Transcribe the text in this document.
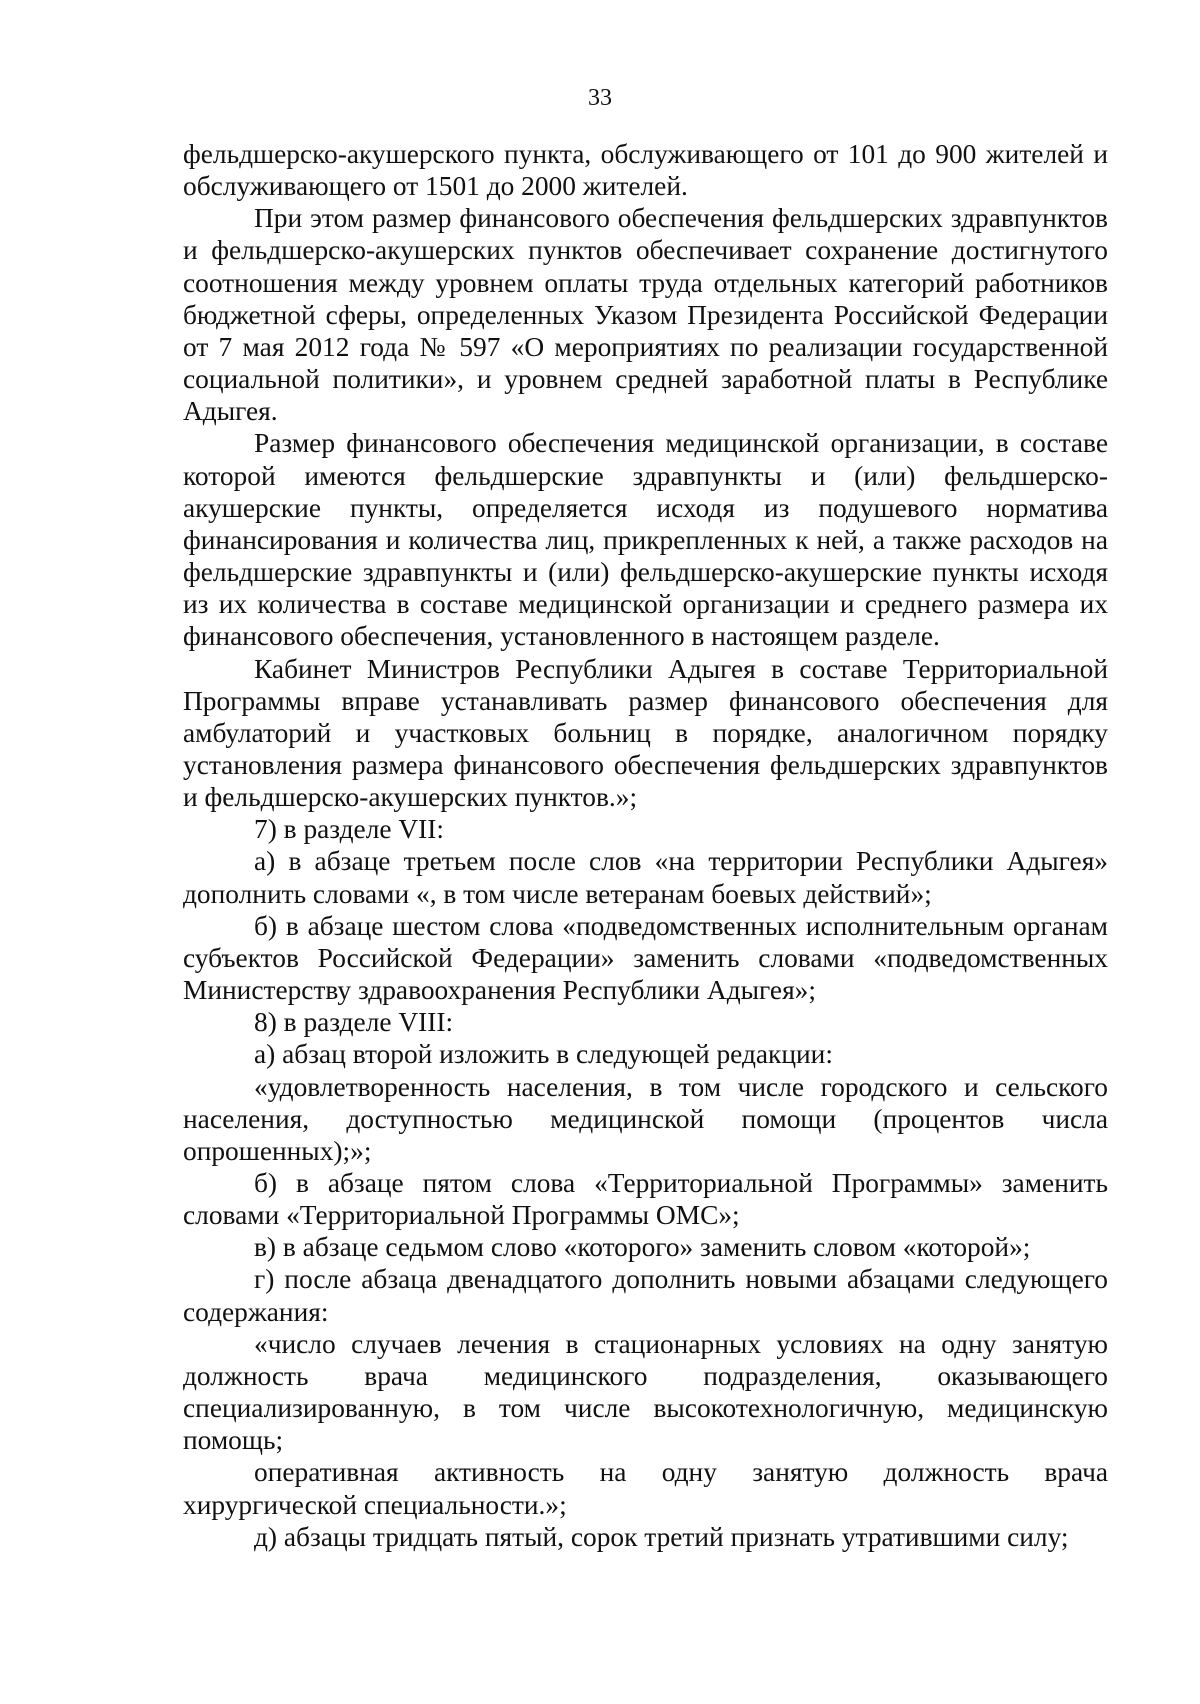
33

фельдшерско-акушерского пункта, обслуживающего от 101 до 900 жителей и обслуживающего от 1501 до 2000 жителей.

При этом размер финансового обеспечения фельдшерских здравпунктов и фельдшерско-акушерских пунктов обеспечивает сохранение достигнутого соотношения между уровнем оплаты труда отдельных категорий работников бюджетной сферы, определенных Указом Президента Российской Федерации от 7 мая 2012 года № 597 «О мероприятиях по реализации государственной социальной политики», и уровнем средней заработной платы в Республике Адыгея.

Размер финансового обеспечения медицинской организации, в составе которой имеются фельдшерские здравпункты и (или) фельдшерско-акушерские пункты, определяется исходя из подушевого норматива финансирования и количества лиц, прикрепленных к ней, а также расходов на фельдшерские здравпункты и (или) фельдшерско-акушерские пункты исходя из их количества в составе медицинской организации и среднего размера их финансового обеспечения, установленного в настоящем разделе.

Кабинет Министров Республики Адыгея в составе Территориальной Программы вправе устанавливать размер финансового обеспечения для амбулаторий и участковых больниц в порядке, аналогичном порядку установления размера финансового обеспечения фельдшерских здравпунктов и фельдшерско-акушерских пунктов.»;

7) в разделе VII:

а) в абзаце третьем после слов «на территории Республики Адыгея» дополнить словами «, в том числе ветеранам боевых действий»;

б) в абзаце шестом слова «подведомственных исполнительным органам субъектов Российской Федерации» заменить словами «подведомственных Министерству здравоохранения Республики Адыгея»;

8) в разделе VIII:

а) абзац второй изложить в следующей редакции:

«удовлетворенность населения, в том числе городского и сельского населения, доступностью медицинской помощи (процентов числа опрошенных);»;

б) в абзаце пятом слова «Территориальной Программы» заменить словами «Территориальной Программы ОМС»;

в) в абзаце седьмом слово «которого» заменить словом «которой»;

г) после абзаца двенадцатого дополнить новыми абзацами следующего содержания:

«число случаев лечения в стационарных условиях на одну занятую должность врача медицинского подразделения, оказывающего специализированную, в том числе высокотехнологичную, медицинскую помощь;

оперативная активность на одну занятую должность врача хирургической специальности.»;

д) абзацы тридцать пятый, сорок третий признать утратившими силу;
